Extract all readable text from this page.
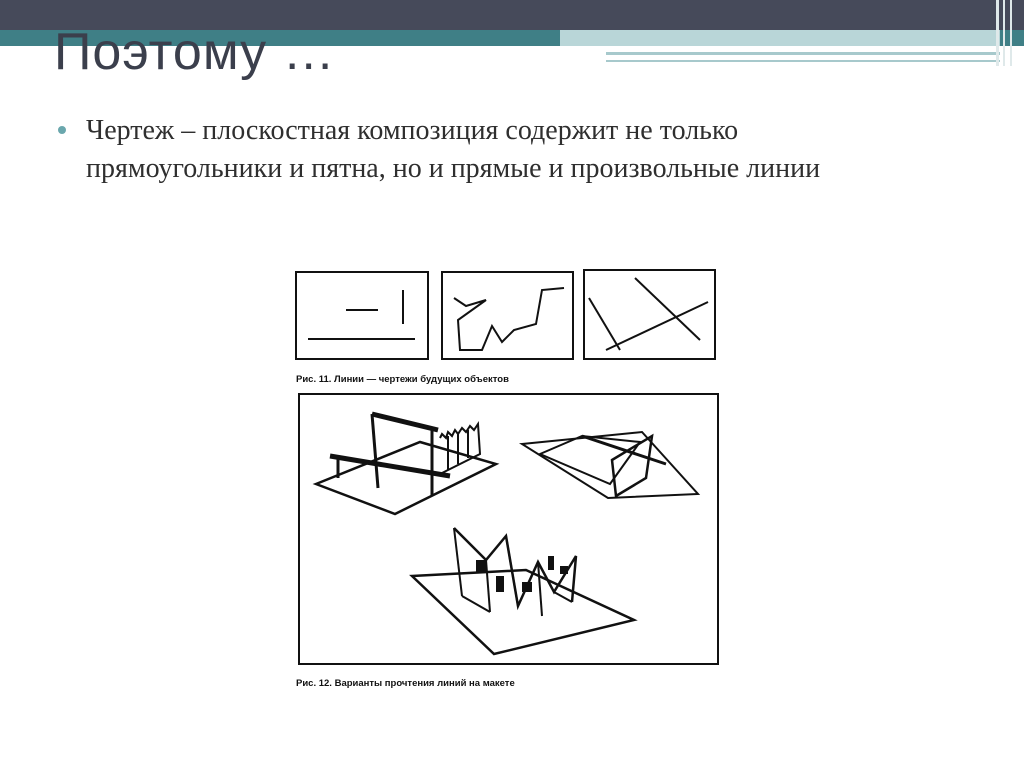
Поэтому …

Чертеж – плоскостная композиция содержит не только прямоугольники и пятна, но и прямые и произвольные линии

Рис. 11. Линии — чертежи будущих объектов
Рис. 12. Варианты прочтения линий на макете
